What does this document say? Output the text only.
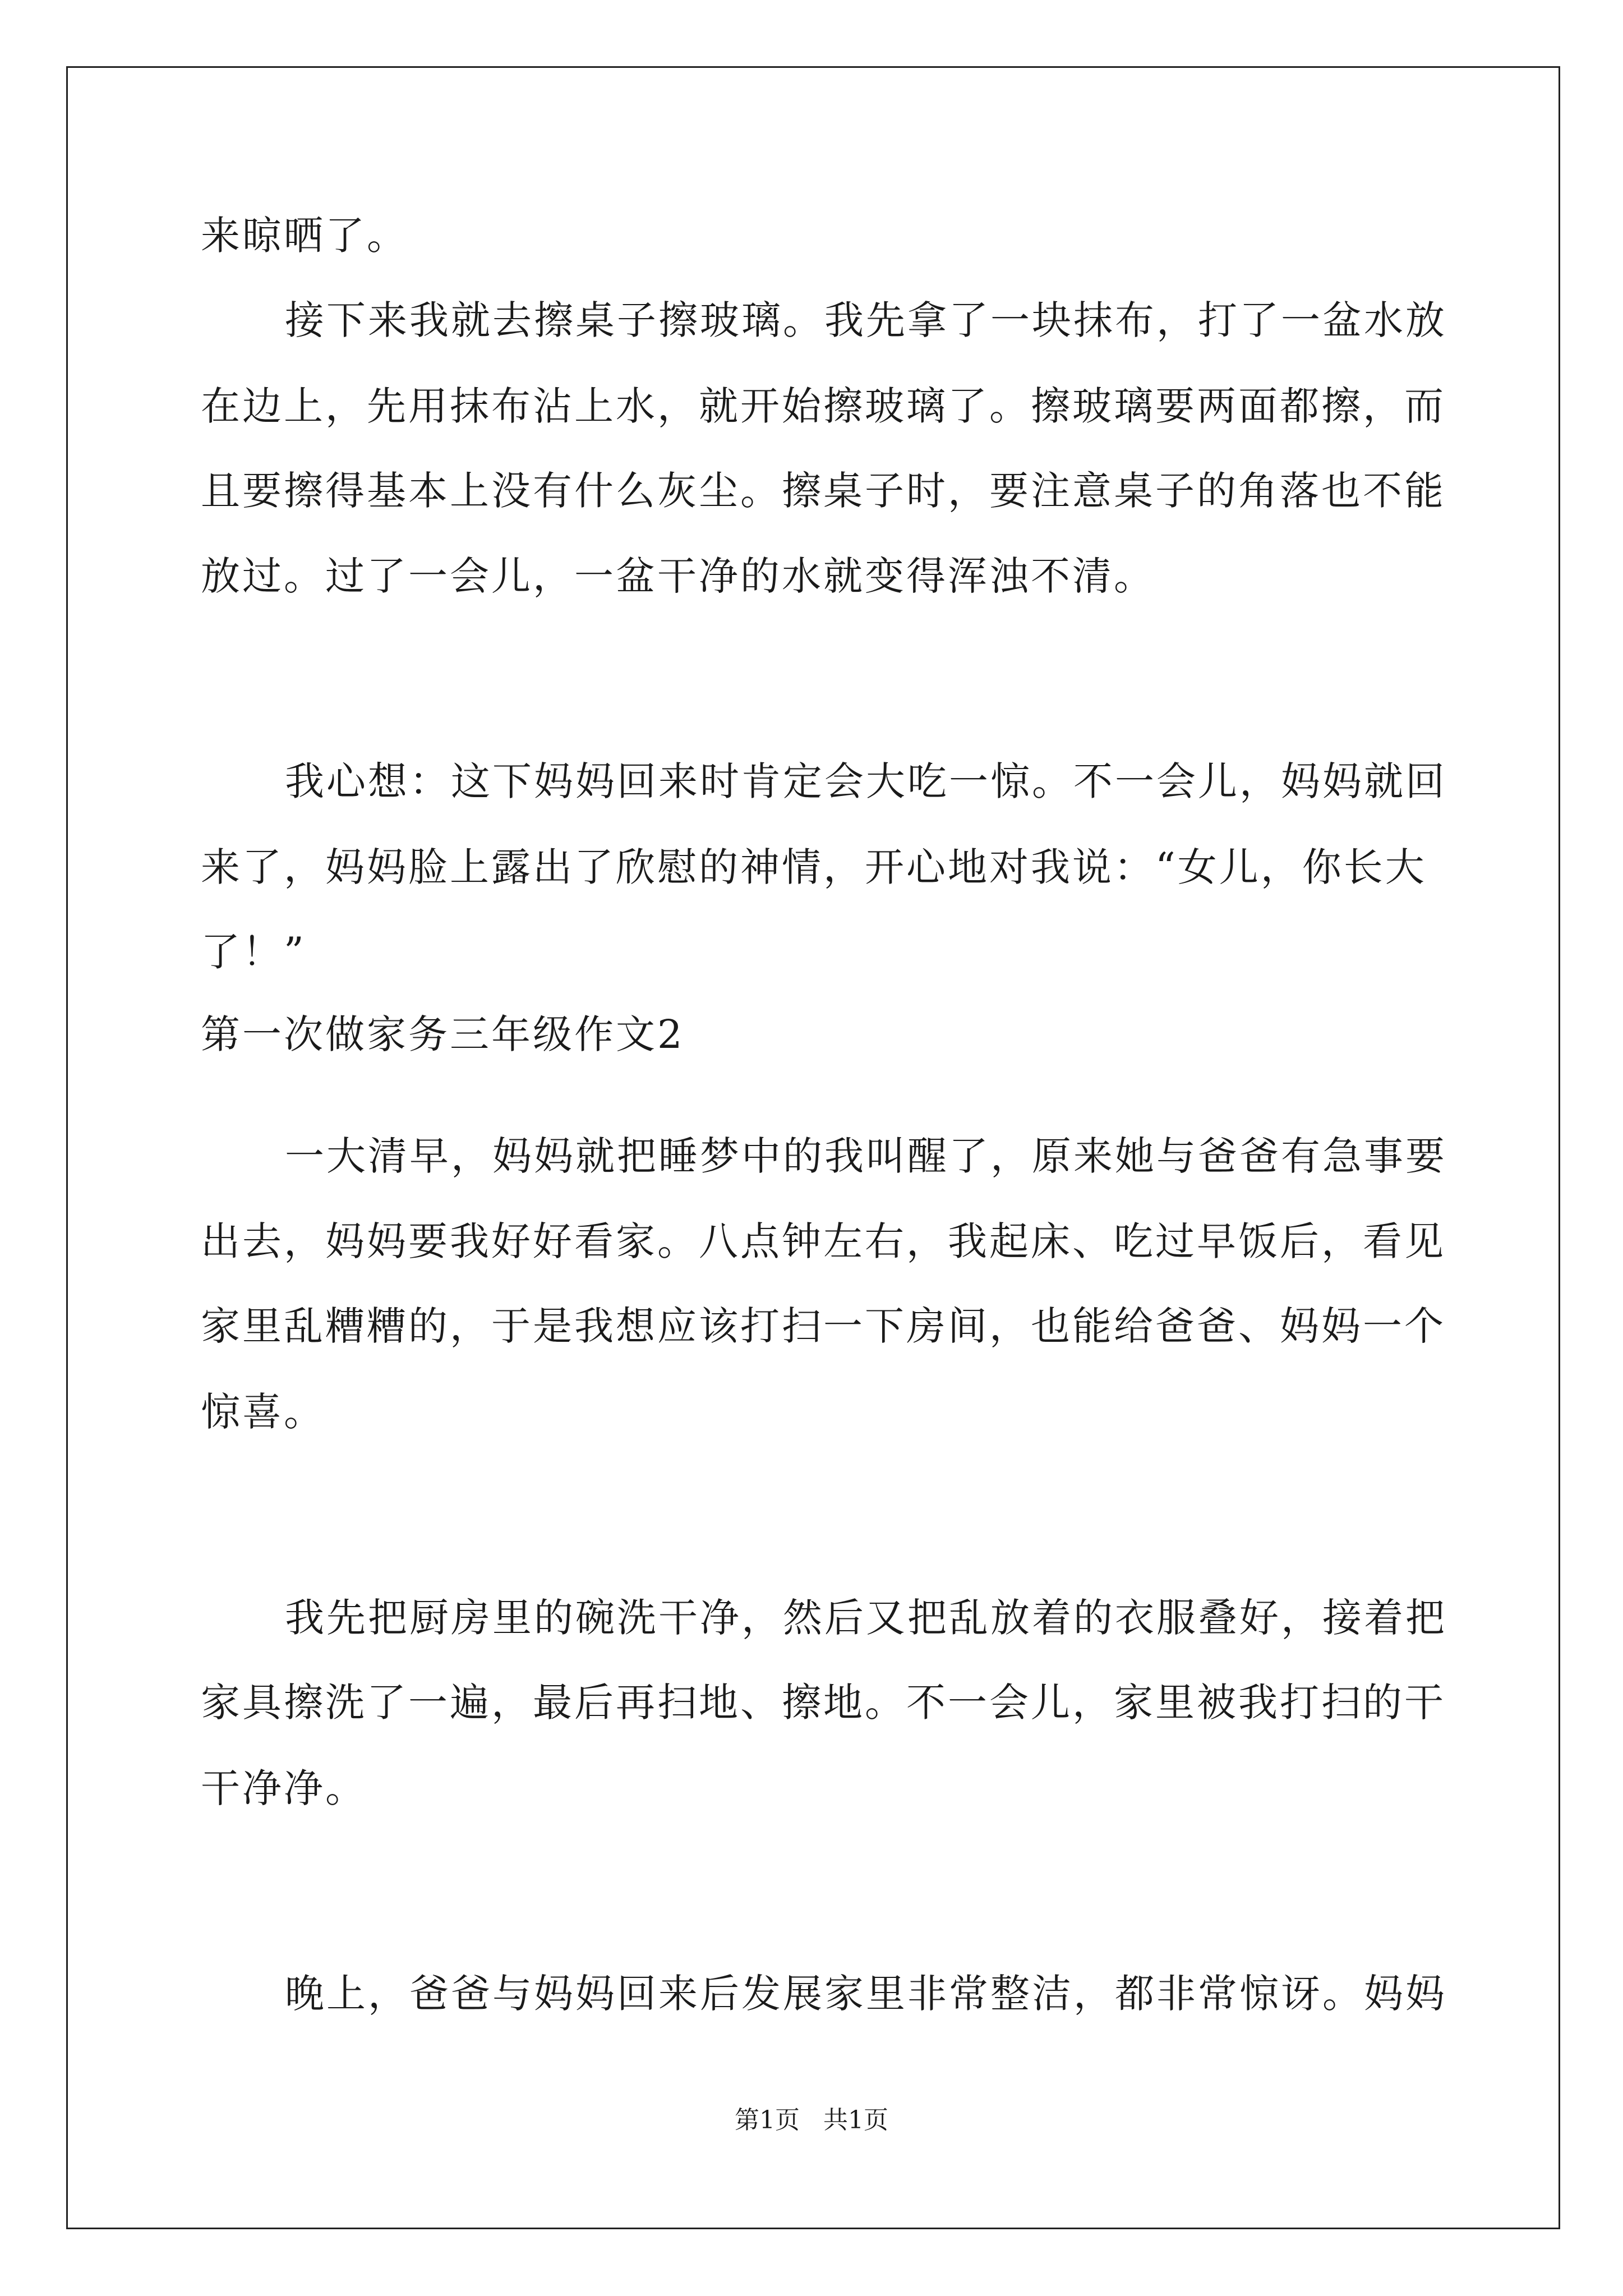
来晾晒了。

接下来我就去擦桌子擦玻璃。我先拿了一块抹布，打了一盆水放

在边上，先用抹布沾上水，就开始擦玻璃了。擦玻璃要两面都擦，而

且要擦得基本上没有什么灰尘。擦桌子时，要注意桌子的角落也不能

放过。过了一会儿，一盆干净的水就变得浑浊不清。

我心想：这下妈妈回来时肯定会大吃一惊。不一会儿，妈妈就回

来了，妈妈脸上露出了欣慰的神情，开心地对我说：“女儿，你长大

了！”

第一次做家务三年级作文2

一大清早，妈妈就把睡梦中的我叫醒了，原来她与爸爸有急事要

出去，妈妈要我好好看家。八点钟左右，我起床、吃过早饭后，看见

家里乱糟糟的，于是我想应该打扫一下房间，也能给爸爸、妈妈一个

惊喜。

我先把厨房里的碗洗干净，然后又把乱放着的衣服叠好，接着把

家具擦洗了一遍，最后再扫地、擦地。不一会儿，家里被我打扫的干

干净净。

晚上，爸爸与妈妈回来后发展家里非常整洁，都非常惊讶。妈妈

第1页 共1页
